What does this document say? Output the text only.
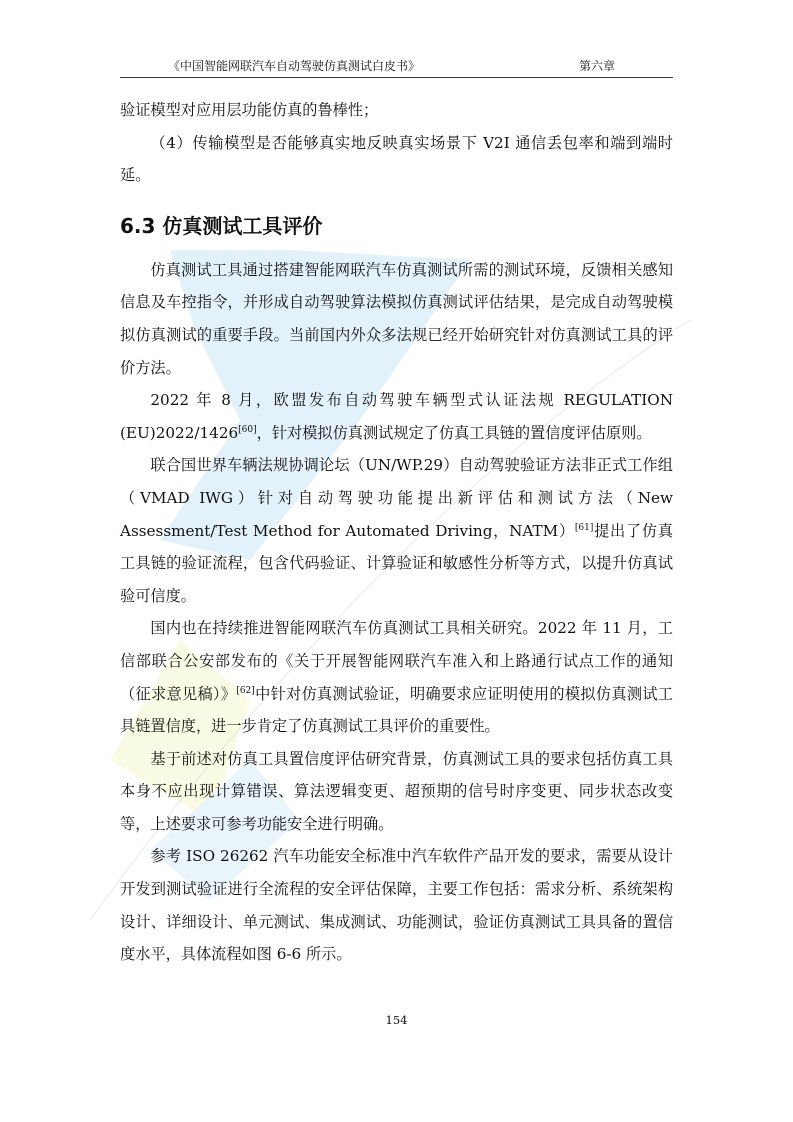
《中国智能网联汽车自动驾驶仿真测试白皮书》	第六章

验证模型对应用层功能仿真的鲁棒性；

（4）传输模型是否能够真实地反映真实场景下 V2I 通信丢包率和端到端时延。

6.3 仿真测试工具评价

仿真测试工具通过搭建智能网联汽车仿真测试所需的测试环境，反馈相关感知信息及车控指令，并形成自动驾驶算法模拟仿真测试评估结果，是完成自动驾驶模拟仿真测试的重要手段。当前国内外众多法规已经开始研究针对仿真测试工具的评价方法。

2022 年 8 月，欧盟发布自动驾驶车辆型式认证法规 REGULATION (EU)2022/1426[60]，针对模拟仿真测试规定了仿真工具链的置信度评估原则。

联合国世界车辆法规协调论坛（UN/WP.29）自动驾驶验证方法非正式工作组（VMAD IWG）针对自动驾驶功能提出新评估和测试方法（New Assessment/Test Method for Automated Driving，NATM）[61]提出了仿真工具链的验证流程，包含代码验证、计算验证和敏感性分析等方式，以提升仿真试验可信度。

国内也在持续推进智能网联汽车仿真测试工具相关研究。2022 年 11 月，工信部联合公安部发布的《关于开展智能网联汽车准入和上路通行试点工作的通知（征求意见稿）》[62]中针对仿真测试验证，明确要求应证明使用的模拟仿真测试工具链置信度，进一步肯定了仿真测试工具评价的重要性。

基于前述对仿真工具置信度评估研究背景，仿真测试工具的要求包括仿真工具本身不应出现计算错误、算法逻辑变更、超预期的信号时序变更、同步状态改变等，上述要求可参考功能安全进行明确。

参考 ISO 26262 汽车功能安全标准中汽车软件产品开发的要求，需要从设计开发到测试验证进行全流程的安全评估保障，主要工作包括：需求分析、系统架构设计、详细设计、单元测试、集成测试、功能测试，验证仿真测试工具具备的置信度水平，具体流程如图 6-6 所示。

154
